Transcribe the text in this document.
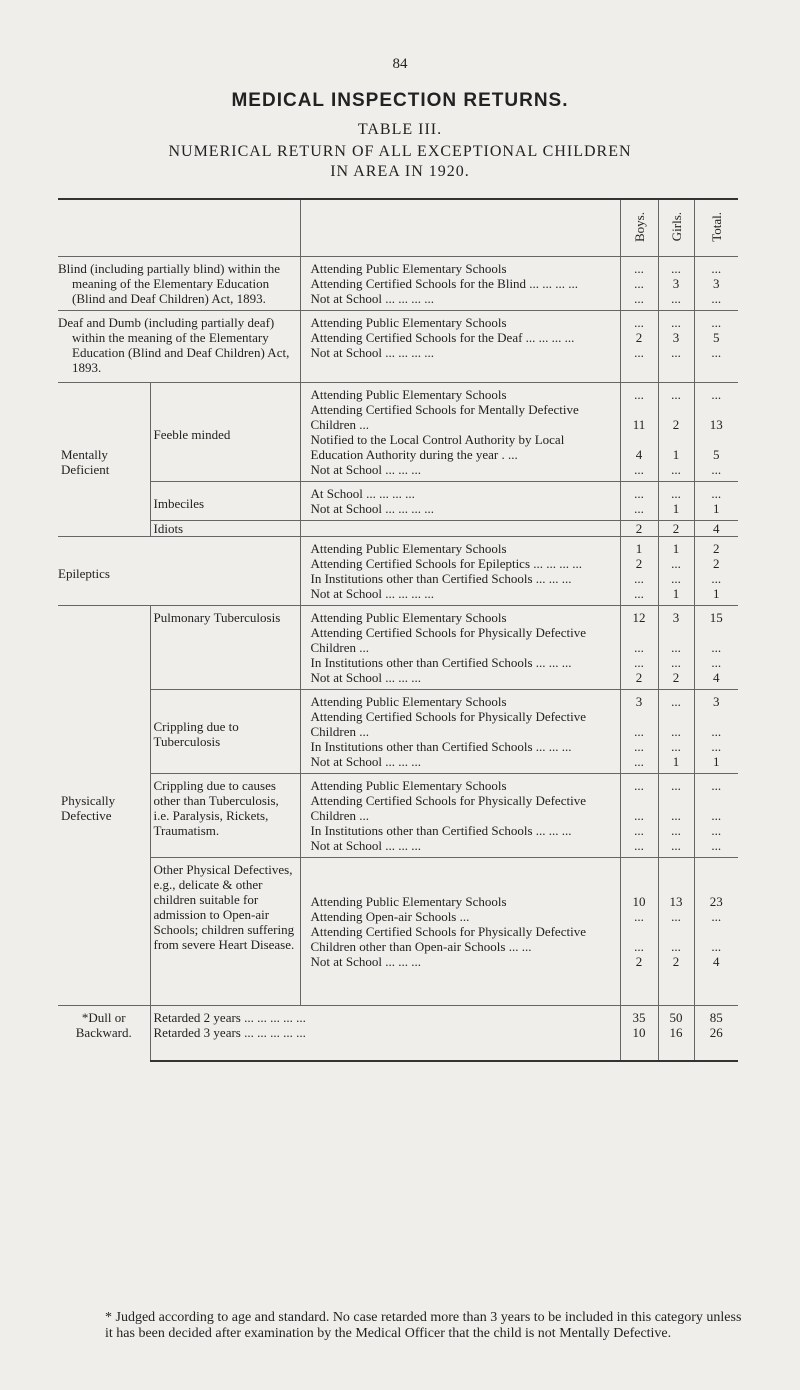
84
MEDICAL INSPECTION RETURNS.
TABLE III.
NUMERICAL RETURN OF ALL EXCEPTIONAL CHILDREN
IN AREA IN 1920.
			Boys.	Girls.	Total.

Blind (including partially blind) within the meaning of the Elementary Education (Blind and Deaf Children) Act, 1893.		Attending Public Elementary Schools	...	...	...
		Attending Certified Schools for the Blind ... ... ... ...	...	3	3
		Not at School ... ... ... ...	...	...	...

Deaf and Dumb (including partially deaf) within the meaning of the Elementary Education (Blind and Deaf Children) Act, 1893.		Attending Public Elementary Schools	...	...	...
		Attending Certified Schools for the Deaf ... ... ... ...	2	3	5
		Not at School ... ... ... ...	...	...	...
Mentally Deficient	Feeble minded	Attending Public Elementary Schools	...	...	...
		Attending Certified Schools for Mentally Defective Children ...	11	2	13
		Notified to the Local Control Authority by Local Education Authority during the year . ...	4	1	5
		Not at School ... ... ...	...	...	...
	Imbeciles	At School ... ... ... ...	...	...	...
		Not at School ... ... ... ...	...	1	1
	Idiots		2	2	4
Epileptics		Attending Public Elementary Schools	1	1	2
		Attending Certified Schools for Epileptics ... ... ... ...	2	...	2
		In Institutions other than Certified Schools ... ... ...	...	...	...
		Not at School ... ... ... ...	...	1	1
Physically Defective	Pulmonary Tuberculosis	Attending Public Elementary Schools	12	3	15
		Attending Certified Schools for Physically Defective Children ...	...	...	...
		In Institutions other than Certified Schools ... ... ...	...	...	...
		Not at School ... ... ...	2	2	4
	Crippling due to Tuberculosis	Attending Public Elementary Schools	3	...	3
		Attending Certified Schools for Physically Defective Children ...	...	...	...
		In Institutions other than Certified Schools ... ... ...	...	...	...
		Not at School ... ... ...	...	1	1
	Crippling due to causes other than Tuberculosis, i.e. Paralysis, Rickets, Traumatism.	Attending Public Elementary Schools	...	...	...
		Attending Certified Schools for Physically Defective Children ...	...	...	...
		In Institutions other than Certified Schools ... ... ...	...	...	...
		Not at School ... ... ...	...	...	...
	Other Physical Defectives, e.g., delicate & other children suitable for admission to Open-air Schools; children suffering from severe Heart Disease.	Attending Public Elementary Schools	10	13	23
		Attending Open-air Schools ...	...	...	...
		Attending Certified Schools for Physically Defective Children other than Open-air Schools ... ...	...	...	...
		Not at School ... ... ...	2	2	4
*Dull or Backward.	Retarded 2 years ... ... ... ... ...		35	50	85
	Retarded 3 years ... ... ... ... ...		10	16	26
* Judged according to age and standard. No case retarded more than 3 years to be included in this category unless it has been decided after examination by the Medical Officer that the child is not Mentally Defective.
